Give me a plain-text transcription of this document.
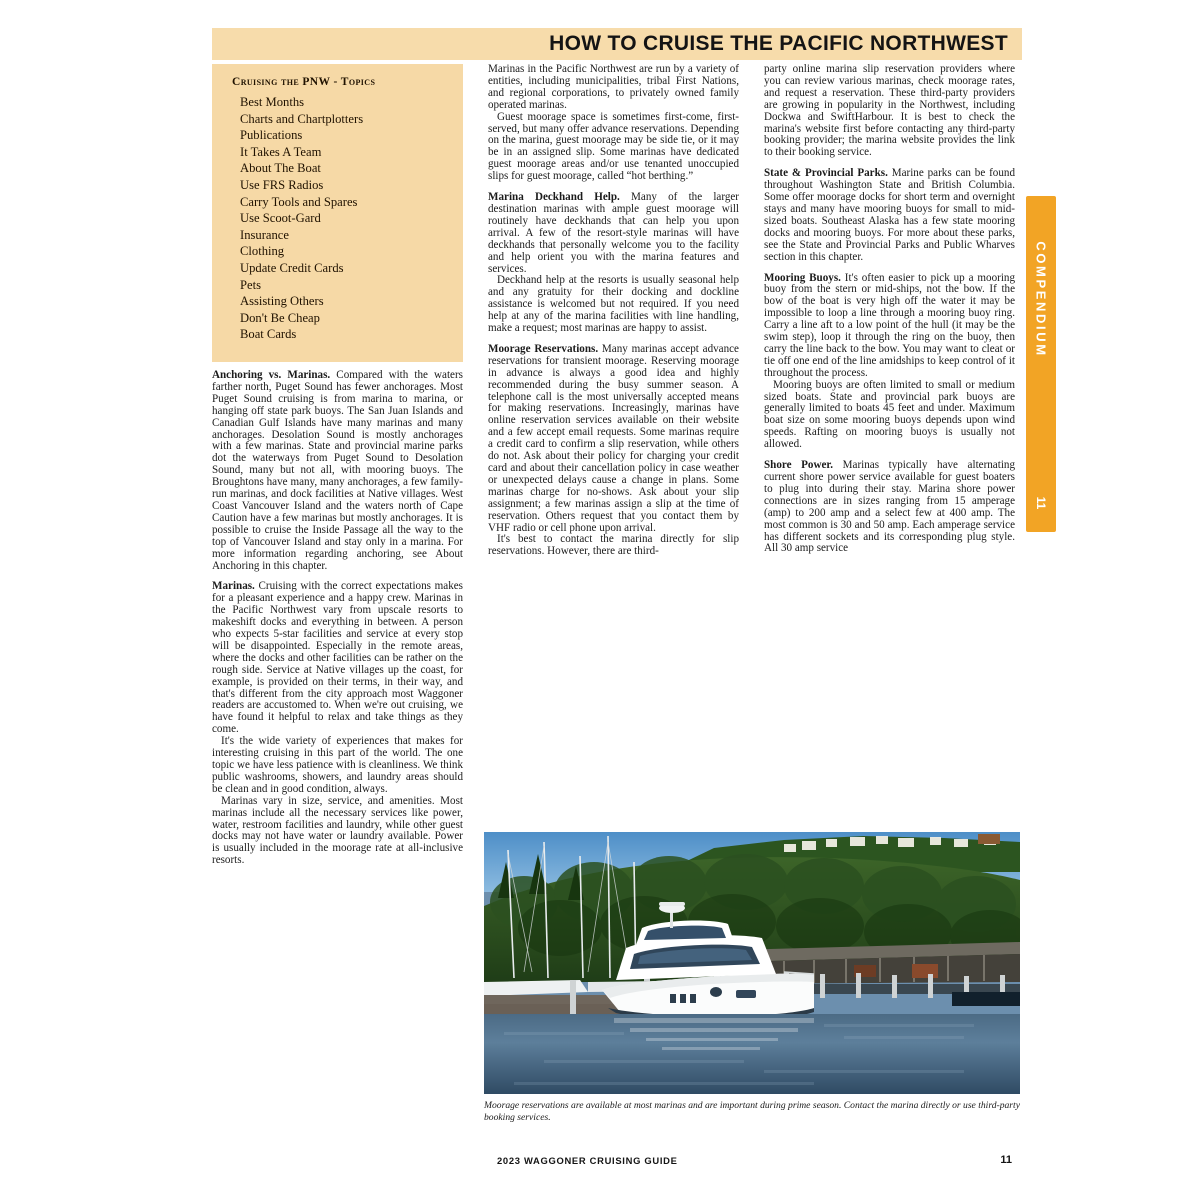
HOW TO CRUISE THE PACIFIC NORTHWEST
COMPENDIUM
11
Cruising the PNW - Topics
Best Months
Charts and Chartplotters
Publications
It Takes A Team
About The Boat
Use FRS Radios
Carry Tools and Spares
Use Scoot-Gard
Insurance
Clothing
Update Credit Cards
Pets
Assisting Others
Don't Be Cheap
Boat Cards

Anchoring vs. Marinas. Compared with the waters farther north, Puget Sound has fewer anchorages. Most Puget Sound cruising is from marina to marina, or hanging off state park buoys. The San Juan Islands and Canadian Gulf Islands have many marinas and many anchorages. Desolation Sound is mostly anchorages with a few marinas. State and provincial marine parks dot the waterways from Puget Sound to Desolation Sound, many but not all, with mooring buoys. The Broughtons have many, many anchorages, a few family-run marinas, and dock facilities at Native villages. West Coast Vancouver Island and the waters north of Cape Caution have a few marinas but mostly anchorages. It is possible to cruise the Inside Passage all the way to the top of Vancouver Island and stay only in a marina. For more information regarding anchoring, see About Anchoring in this chapter.

Marinas. Cruising with the correct expectations makes for a pleasant experience and a happy crew. Marinas in the Pacific Northwest vary from upscale resorts to makeshift docks and everything in between. A person who expects 5-star facilities and service at every stop will be disappointed. Especially in the remote areas, where the docks and other facilities can be rather on the rough side. Service at Native villages up the coast, for example, is provided on their terms, in their way, and that's different from the city approach most Waggoner readers are accustomed to. When we're out cruising, we have found it helpful to relax and take things as they come.

It's the wide variety of experiences that makes for interesting cruising in this part of the world. The one topic we have less patience with is cleanliness. We think public washrooms, showers, and laundry areas should be clean and in good condition, always.

Marinas vary in size, service, and amenities. Most marinas include all the necessary services like power, water, restroom facilities and laundry, while other guest docks may not have water or laundry available. Power is usually included in the moorage rate at all-inclusive resorts.

Marinas in the Pacific Northwest are run by a variety of entities, including municipalities, tribal First Nations, and regional corporations, to privately owned family operated marinas.

Guest moorage space is sometimes first-come, first-served, but many offer advance reservations. Depending on the marina, guest moorage may be side tie, or it may be in an assigned slip. Some marinas have dedicated guest moorage areas and/or use tenanted unoccupied slips for guest moorage, called “hot berthing.”

Marina Deckhand Help. Many of the larger destination marinas with ample guest moorage will routinely have deckhands that can help you upon arrival. A few of the resort-style marinas will have deckhands that personally welcome you to the facility and help orient you with the marina features and services.

Deckhand help at the resorts is usually seasonal help and any gratuity for their docking and dockline assistance is welcomed but not required. If you need help at any of the marina facilities with line handling, make a request; most marinas are happy to assist.

Moorage Reservations. Many marinas accept advance reservations for transient moorage. Reserving moorage in advance is always a good idea and highly recommended during the busy summer season. A telephone call is the most universally accepted means for making reservations. Increasingly, marinas have online reservation services available on their website and a few accept email requests. Some marinas require a credit card to confirm a slip reservation, while others do not. Ask about their policy for charging your credit card and about their cancellation policy in case weather or unexpected delays cause a change in plans. Some marinas charge for no-shows. Ask about your slip assignment; a few marinas assign a slip at the time of reservation. Others request that you contact them by VHF radio or cell phone upon arrival.

It's best to contact the marina directly for slip reservations. However, there are third-

party online marina slip reservation providers where you can review various marinas, check moorage rates, and request a reservation. These third-party providers are growing in popularity in the Northwest, including Dockwa and SwiftHarbour. It is best to check the marina's website first before contacting any third-party booking provider; the marina website provides the link to their booking service.

State & Provincial Parks. Marine parks can be found throughout Washington State and British Columbia. Some offer moorage docks for short term and overnight stays and many have mooring buoys for small to mid-sized boats. Southeast Alaska has a few state mooring docks and mooring buoys. For more about these parks, see the State and Provincial Parks and Public Wharves section in this chapter.

Mooring Buoys. It's often easier to pick up a mooring buoy from the stern or mid-ships, not the bow. If the bow of the boat is very high off the water it may be impossible to loop a line through a mooring buoy ring. Carry a line aft to a low point of the hull (it may be the swim step), loop it through the ring on the buoy, then carry the line back to the bow. You may want to cleat or tie off one end of the line amidships to keep control of it throughout the process.

Mooring buoys are often limited to small or medium sized boats. State and provincial park buoys are generally limited to boats 45 feet and under. Maximum boat size on some mooring buoys depends upon wind speeds. Rafting on mooring buoys is usually not allowed.

Shore Power. Marinas typically have alternating current shore power service available for guest boaters to plug into during their stay. Marina shore power connections are in sizes ranging from 15 amperage (amp) to 200 amp and a select few at 400 amp. The most common is 30 and 50 amp. Each amperage service has different sockets and its corresponding plug style. All 30 amp service

Moorage reservations are available at most marinas and are important during prime season. Contact the marina directly or use third-party booking services.
2023 WAGGONER CRUISING GUIDE	11
